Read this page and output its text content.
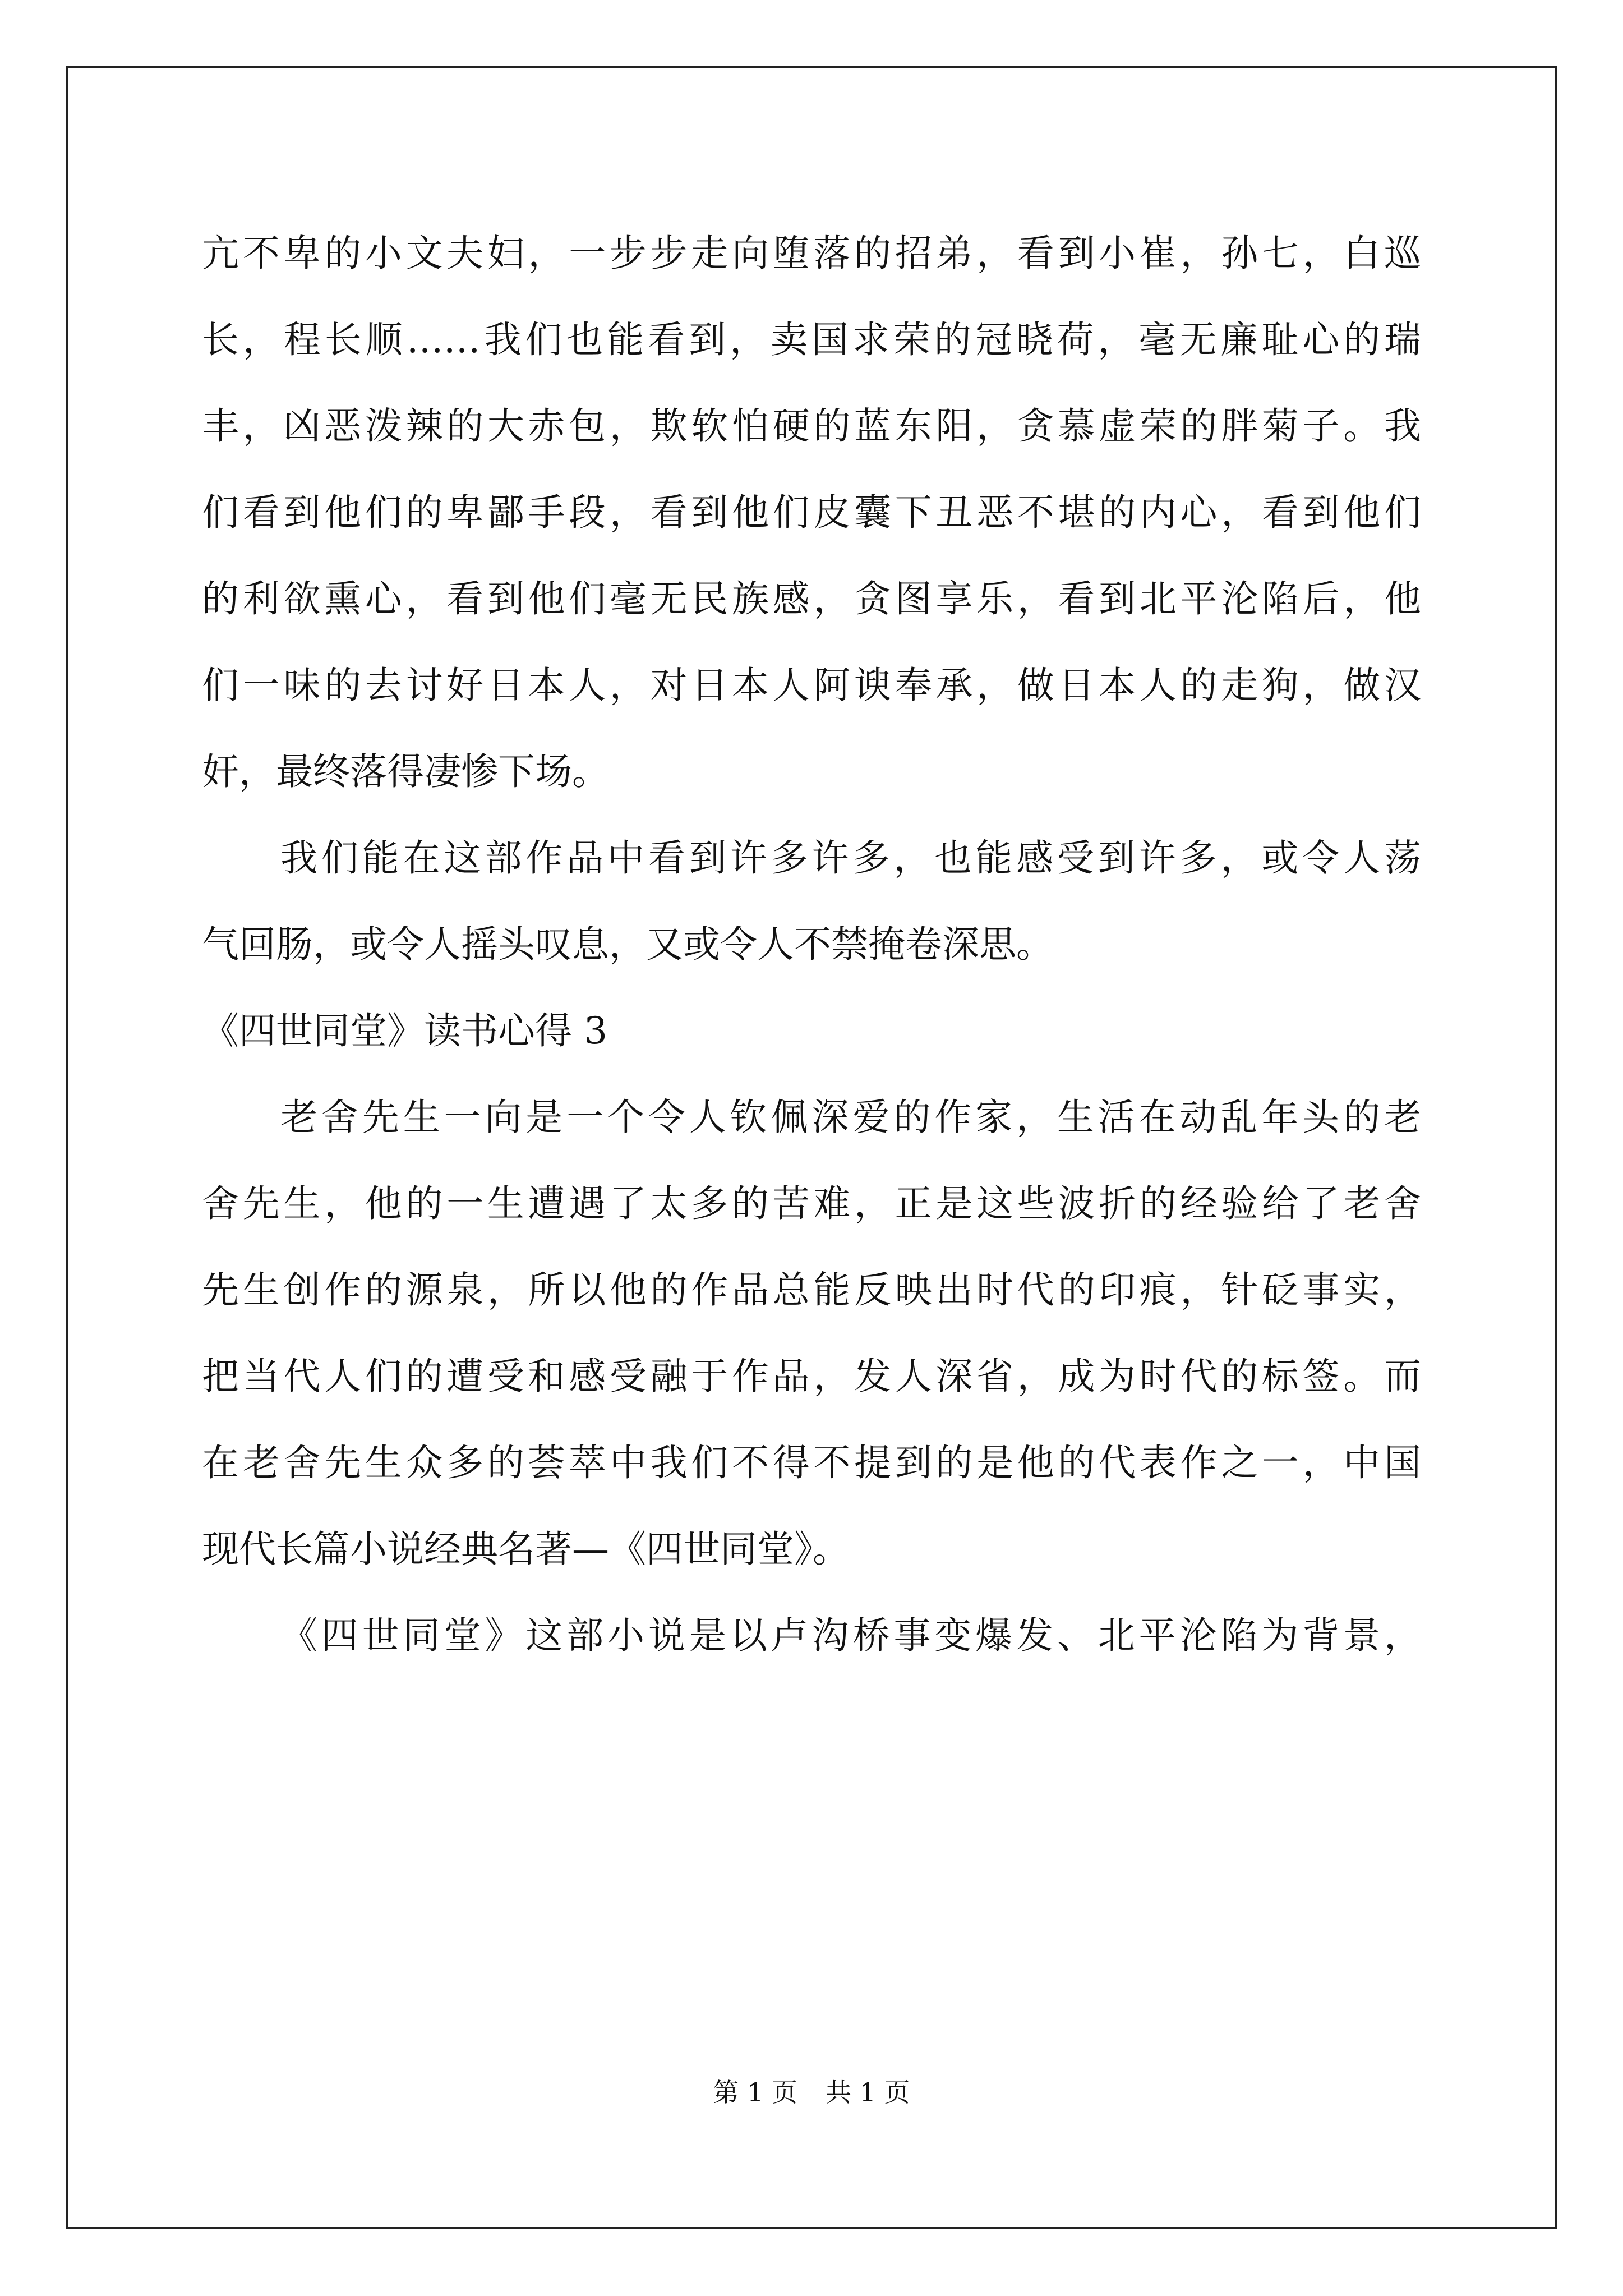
亢不卑的小文夫妇，一步步走向堕落的招弟，看到小崔，孙七，白巡
长，程长顺……我们也能看到，卖国求荣的冠晓荷，毫无廉耻心的瑞
丰，凶恶泼辣的大赤包，欺软怕硬的蓝东阳，贪慕虚荣的胖菊子。我
们看到他们的卑鄙手段，看到他们皮囊下丑恶不堪的内心，看到他们
的利欲熏心，看到他们毫无民族感，贪图享乐，看到北平沦陷后，他
们一味的去讨好日本人，对日本人阿谀奉承，做日本人的走狗，做汉
奸，最终落得凄惨下场。
我们能在这部作品中看到许多许多，也能感受到许多，或令人荡
气回肠，或令人摇头叹息，又或令人不禁掩卷深思。
《四世同堂》读书心得 3
老舍先生一向是一个令人钦佩深爱的作家，生活在动乱年头的老
舍先生，他的一生遭遇了太多的苦难，正是这些波折的经验给了老舍
先生创作的源泉，所以他的作品总能反映出时代的印痕，针砭事实，
把当代人们的遭受和感受融于作品，发人深省，成为时代的标签。而
在老舍先生众多的荟萃中我们不得不提到的是他的代表作之一，中国
现代长篇小说经典名著—《四世同堂》。
《四世同堂》这部小说是以卢沟桥事变爆发、北平沦陷为背景，
第 1 页 共 1 页
